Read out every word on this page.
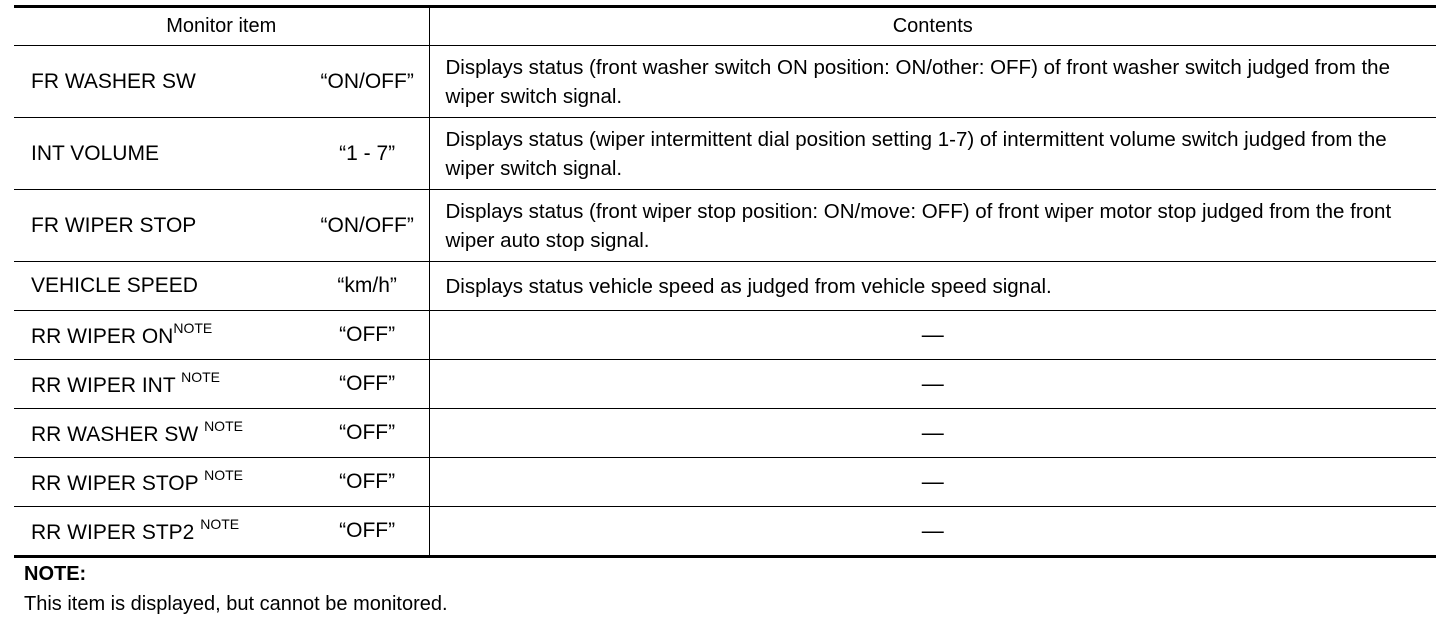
Monitor item	Contents

FR WASHER SW “ON/OFF”	Displays status (front washer switch ON position: ON/other: OFF) of front washer switch judged from the wiper switch signal.

INT VOLUME “1 - 7”	Displays status (wiper intermittent dial position setting 1-7) of intermittent volume switch judged from the wiper switch signal.

FR WIPER STOP “ON/OFF”	Displays status (front wiper stop position: ON/move: OFF) of front wiper motor stop judged from the front wiper auto stop signal.

VEHICLE SPEED “km/h”	Displays status vehicle speed as judged from vehicle speed signal.

RR WIPER $ON^{NOTE}$ “OFF”	—

RR WIPER INT $^{NOTE}$ “OFF”	—

RR WASHER SW $^{NOTE}$ “OFF”	—

RR WIPER STOP $^{NOTE}$ “OFF”	—

RR WIPER STP2 $^{NOTE}$ “OFF”	—
NOTE:
This item is displayed, but cannot be monitored.
